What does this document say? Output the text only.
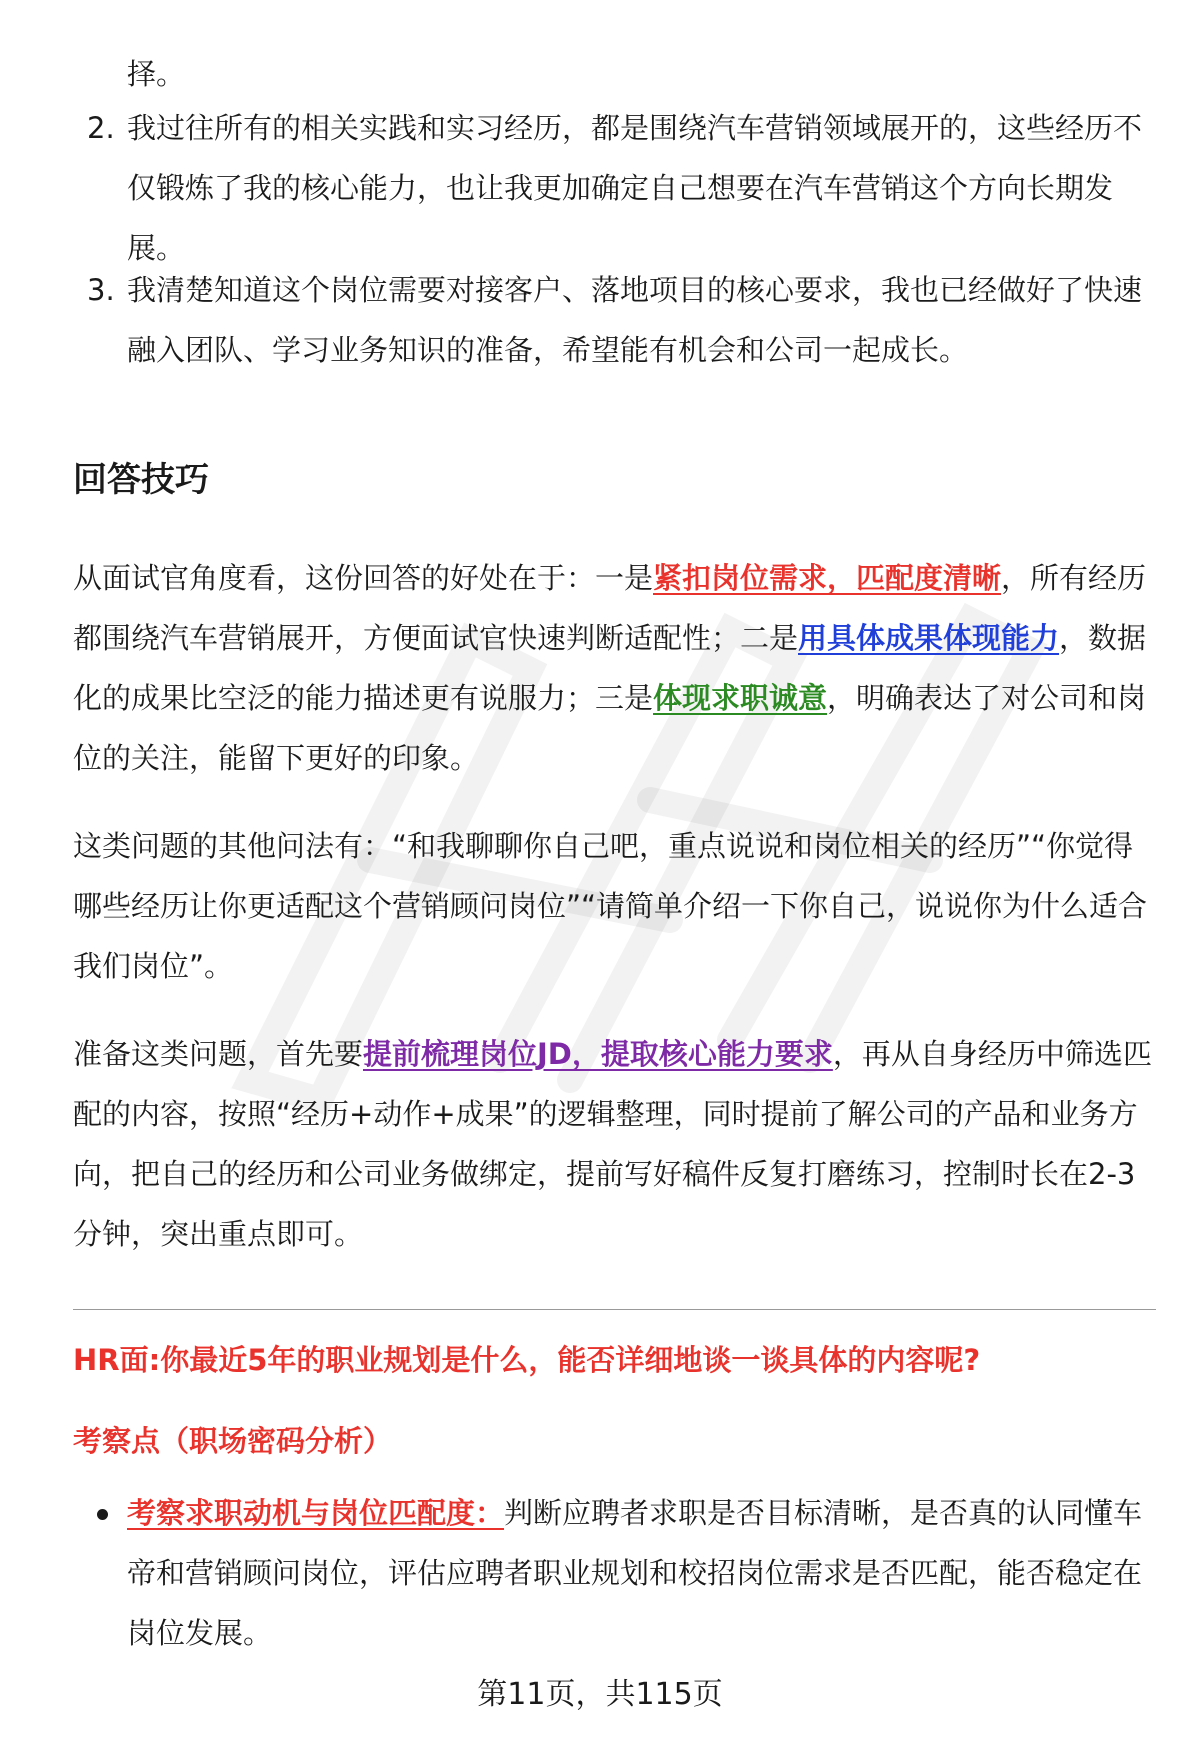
择。

2. 我过往所有的相关实践和实习经历，都是围绕汽车营销领域展开的，这些经历不仅锻炼了我的核心能力，也让我更加确定自己想要在汽车营销这个方向长期发展。
3. 我清楚知道这个岗位需要对接客户、落地项目的核心要求，我也已经做好了快速融入团队、学习业务知识的准备，希望能有机会和公司一起成长。
回答技巧

从面试官角度看，这份回答的好处在于：一是紧扣岗位需求，匹配度清晰，所有经历都围绕汽车营销展开，方便面试官快速判断适配性；二是用具体成果体现能力，数据化的成果比空泛的能力描述更有说服力；三是体现求职诚意，明确表达了对公司和岗位的关注，能留下更好的印象。

这类问题的其他问法有：“和我聊聊你自己吧，重点说说和岗位相关的经历”“你觉得哪些经历让你更适配这个营销顾问岗位”“请简单介绍一下你自己，说说你为什么适合我们岗位”。

准备这类问题，首先要提前梳理岗位JD，提取核心能力要求，再从自身经历中筛选匹配的内容，按照“经历+动作+成果”的逻辑整理，同时提前了解公司的产品和业务方向，把自己的经历和公司业务做绑定，提前写好稿件反复打磨练习，控制时长在2-3分钟，突出重点即可。

HR面:你最近5年的职业规划是什么，能否详细地谈一谈具体的内容呢?

考察点（职场密码分析）

考察求职动机与岗位匹配度：判断应聘者求职是否目标清晰，是否真的认同懂车帝和营销顾问岗位，评估应聘者职业规划和校招岗位需求是否匹配，能否稳定在岗位发展。
第11页，共115页
